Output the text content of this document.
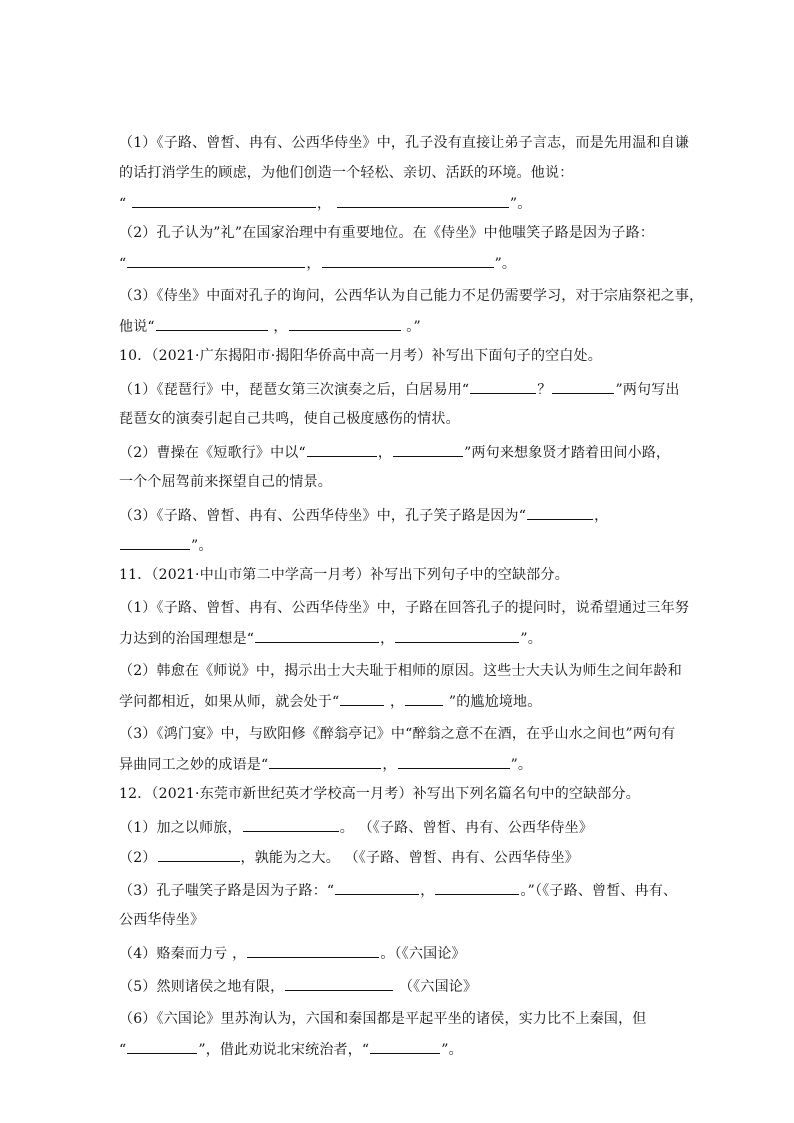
（1）《子路、曾皙、冉有、公西华侍坐》中，孔子没有直接让弟子言志，而是先用温和自谦
的话打消学生的顾虑，为他们创造一个轻松、亲切、活跃的环境。他说：
“	，	”。
（2）孔子认为”礼”在国家治理中有重要地位。在《侍坐》中他嗤笑子路是因为子路：
“	，	”。
（3）《侍坐》中面对孔子的询问，公西华认为自己能力不足仍需要学习，对于宗庙祭祀之事，
他说“	，	。”
10．（2021·广东揭阳市·揭阳华侨高中高一月考）补写出下面句子的空白处。
（1）《琵琶行》中，琵琶女第三次演奏之后，白居易用“	？	”两句写出
琵琶女的演奏引起自己共鸣，使自己极度感伤的情状。
（2）曹操在《短歌行》中以“	，	”两句来想象贤才踏着田间小路，
一个个屈驾前来探望自己的情景。
（3）《子路、曾皙、冉有、公西华侍坐》中，孔子笑子路是因为“	，
”。
11．（2021·中山市第二中学高一月考）补写出下列句子中的空缺部分。
（1）《子路、曾皙、冉有、公西华侍坐》中，子路在回答孔子的提问时，说希望通过三年努
力达到的治国理想是“	，	”。
（2）韩愈在《师说》中，揭示出士大夫耻于相师的原因。这些士大夫认为师生之间年龄和
学问都相近，如果从师，就会处于“	，	”的尴尬境地。
（3）《鸿门宴》中，与欧阳修《醉翁亭记》中“醉翁之意不在酒，在乎山水之间也”两句有
异曲同工之妙的成语是“	，	”。
12．（2021·东莞市新世纪英才学校高一月考）补写出下列名篇名句中的空缺部分。
（1）加之以师旅，	。 （《子路、曾皙、冉有、公西华侍坐》
（2）	，孰能为之大。 （《子路、曾皙、冉有、公西华侍坐》
（3）孔子嗤笑子路是因为子路：“	，	。”（《子路、曾皙、冉有、
公西华侍坐》
（4）赂秦而力亏 ，	。（《六国论》
（5）然则诸侯之地有限，	（《六国论》
（6）《六国论》里苏洵认为，六国和秦国都是平起平坐的诸侯，实力比不上秦国，但
“	”，借此劝说北宋统治者，“	”。
